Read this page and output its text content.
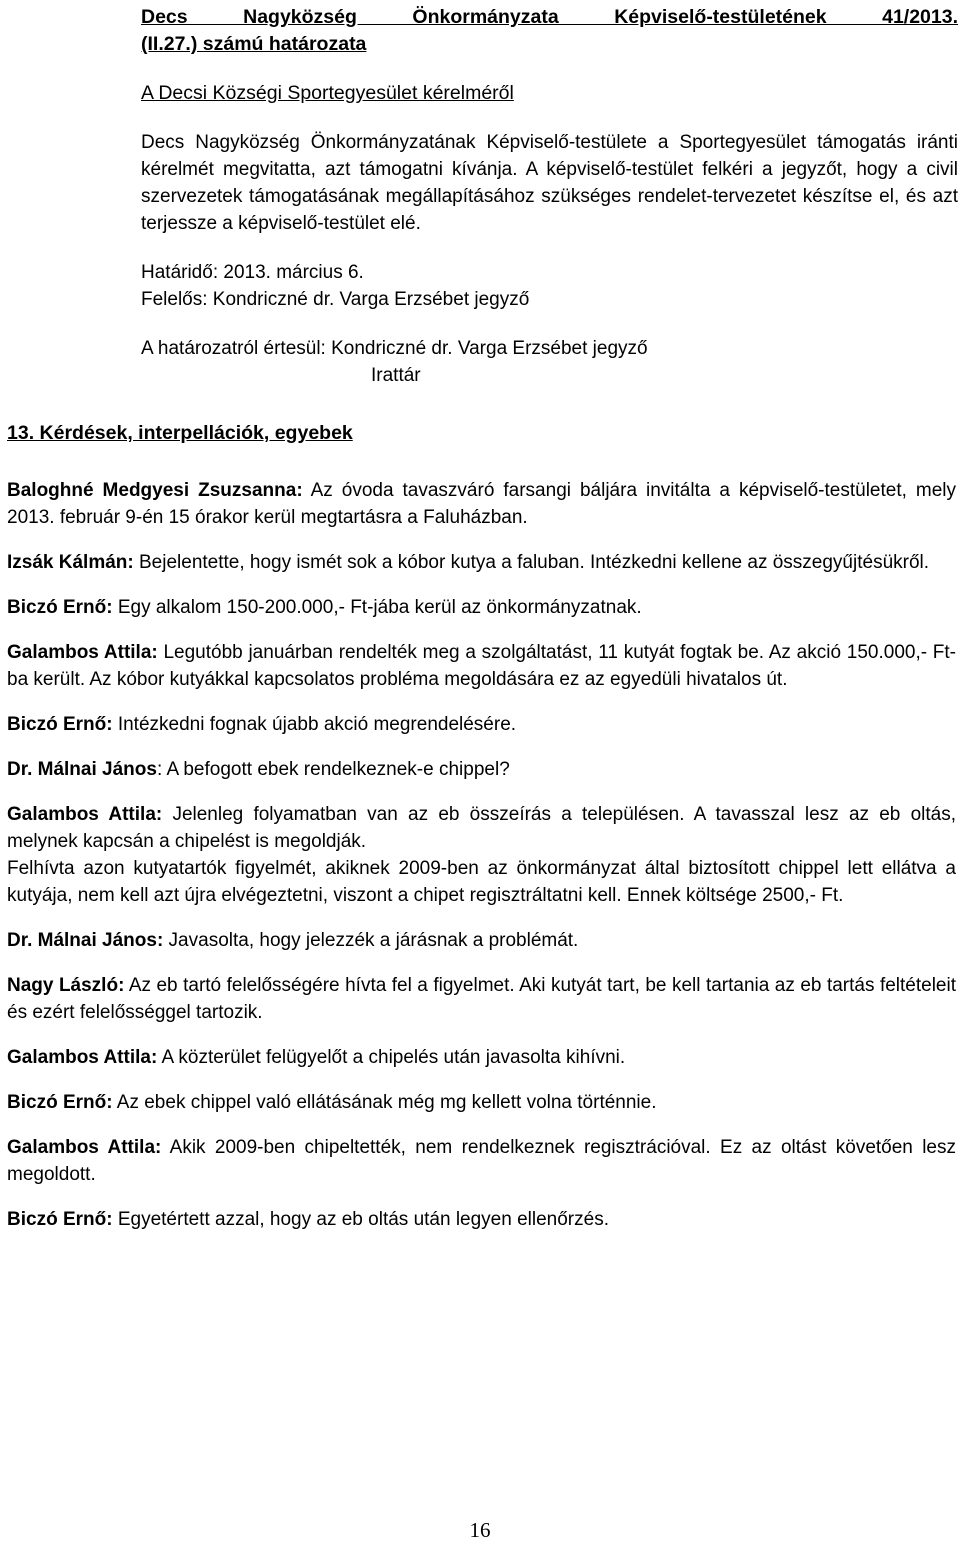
Decs Nagyközség Önkormányzata Képviselő-testületének 41/2013.
(II.27.) számú határozata
A Decsi Községi Sportegyesület kérelméről
Decs Nagyközség Önkormányzatának Képviselő-testülete a Sportegyesület támogatás iránti kérelmét megvitatta, azt támogatni kívánja. A képviselő-testület felkéri a jegyzőt, hogy a civil szervezetek támogatásának megállapításához szükséges rendelet-tervezetet készítse el, és azt terjessze a képviselő-testület elé.
Határidő: 2013. március 6.
Felelős: Kondriczné dr. Varga Erzsébet jegyző
A határozatról értesül: Kondriczné dr. Varga Erzsébet jegyző
Irattár
13. Kérdések, interpellációk, egyebek
Baloghné Medgyesi Zsuzsanna: Az óvoda tavaszváró farsangi báljára invitálta a képviselő-testületet, mely 2013. február 9-én 15 órakor kerül megtartásra a Faluházban.
Izsák Kálmán: Bejelentette, hogy ismét sok a kóbor kutya a faluban. Intézkedni kellene az összegyűjtésükről.
Biczó Ernő: Egy alkalom 150-200.000,- Ft-jába kerül az önkormányzatnak.
Galambos Attila: Legutóbb januárban rendelték meg a szolgáltatást, 11 kutyát fogtak be. Az akció 150.000,- Ft-ba került. Az kóbor kutyákkal kapcsolatos probléma megoldására ez az egyedüli hivatalos út.
Biczó Ernő: Intézkedni fognak újabb akció megrendelésére.
Dr. Málnai János: A befogott ebek rendelkeznek-e chippel?
Galambos Attila: Jelenleg folyamatban van az eb összeírás a településen. A tavasszal lesz az eb oltás, melynek kapcsán a chipelést is megoldják.
Felhívta azon kutyatartók figyelmét, akiknek 2009-ben az önkormányzat által biztosított chippel lett ellátva a kutyája, nem kell azt újra elvégeztetni, viszont a chipet regisztráltatni kell. Ennek költsége 2500,- Ft.
Dr. Málnai János: Javasolta, hogy jelezzék a járásnak a problémát.
Nagy László: Az eb tartó felelősségére hívta fel a figyelmet. Aki kutyát tart, be kell tartania az eb tartás feltételeit és ezért felelősséggel tartozik.
Galambos Attila: A közterület felügyelőt a chipelés után javasolta kihívni.
Biczó Ernő: Az ebek chippel való ellátásának még mg kellett volna történnie.
Galambos Attila: Akik 2009-ben chipeltették, nem rendelkeznek regisztrációval. Ez az oltást követően lesz megoldott.
Biczó Ernő: Egyetértett azzal, hogy az eb oltás után legyen ellenőrzés.
16
